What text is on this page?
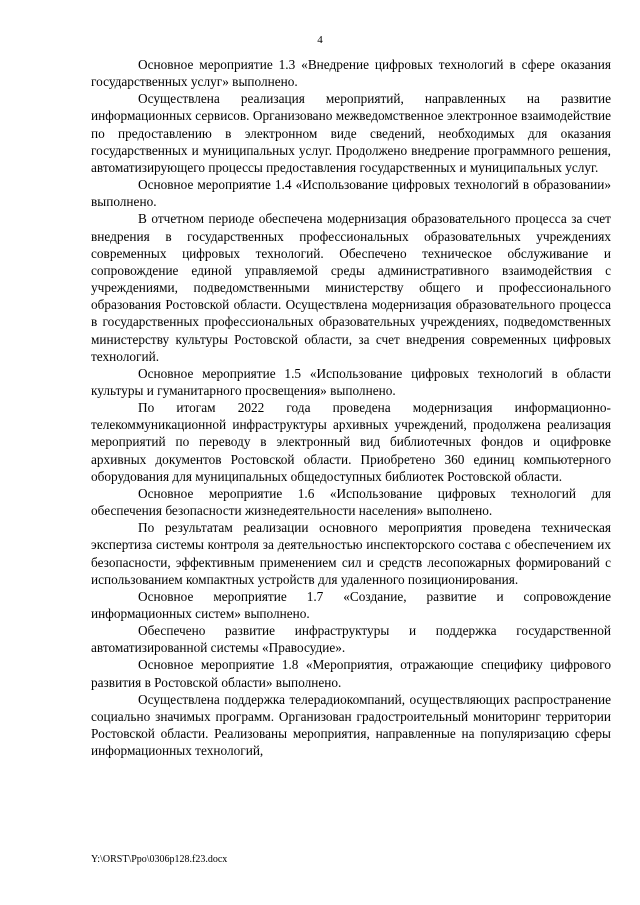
4

Основное мероприятие 1.3 «Внедрение цифровых технологий в сфере оказания государственных услуг» выполнено.

Осуществлена реализация мероприятий, направленных на развитие информационных сервисов. Организовано межведомственное электронное взаимодействие по предоставлению в электронном виде сведений, необходимых для оказания государственных и муниципальных услуг. Продолжено внедрение программного решения, автоматизирующего процессы предоставления государственных и муниципальных услуг.

Основное мероприятие 1.4 «Использование цифровых технологий в образовании» выполнено.

В отчетном периоде обеспечена модернизация образовательного процесса за счет внедрения в государственных профессиональных образовательных учреждениях современных цифровых технологий. Обеспечено техническое обслуживание и сопровождение единой управляемой среды административного взаимодействия с учреждениями, подведомственными министерству общего и профессионального образования Ростовской области. Осуществлена модернизация образовательного процесса в государственных профессиональных образовательных учреждениях, подведомственных министерству культуры Ростовской области, за счет внедрения современных цифровых технологий.

Основное мероприятие 1.5 «Использование цифровых технологий в области культуры и гуманитарного просвещения» выполнено.

По итогам 2022 года проведена модернизация информационно-телекоммуникационной инфраструктуры архивных учреждений, продолжена реализация мероприятий по переводу в электронный вид библиотечных фондов и оцифровке архивных документов Ростовской области. Приобретено 360 единиц компьютерного оборудования для муниципальных общедоступных библиотек Ростовской области.

Основное мероприятие 1.6 «Использование цифровых технологий для обеспечения безопасности жизнедеятельности населения» выполнено.

По результатам реализации основного мероприятия проведена техническая экспертиза системы контроля за деятельностью инспекторского состава с обеспечением их безопасности, эффективным применением сил и средств лесопожарных формирований с использованием компактных устройств для удаленного позиционирования.

Основное мероприятие 1.7 «Создание, развитие и сопровождение информационных систем» выполнено.

Обеспечено развитие инфраструктуры и поддержка государственной автоматизированной системы «Правосудие».

Основное мероприятие 1.8 «Мероприятия, отражающие специфику цифрового развития в Ростовской области» выполнено.

Осуществлена поддержка телерадиокомпаний, осуществляющих распространение социально значимых программ. Организован градостроительный мониторинг территории Ростовской области. Реализованы мероприятия, направленные на популяризацию сферы информационных технологий,

Y:\ORST\Ppo\0306p128.f23.docx
